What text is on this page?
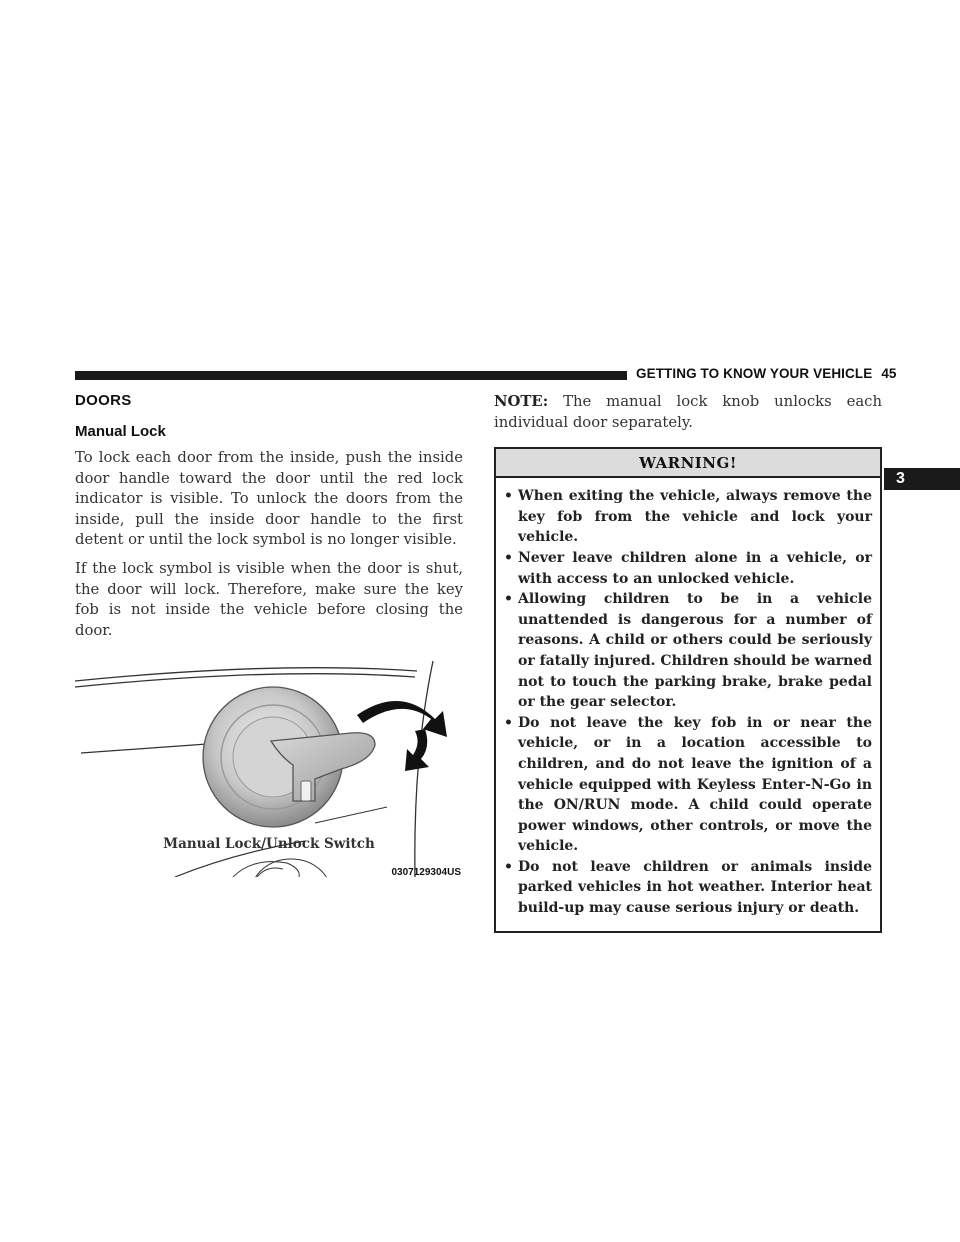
GETTING TO KNOW YOUR VEHICLE 45
3
DOORS
Manual Lock

To lock each door from the inside, push the inside door handle toward the door until the red lock indicator is visible. To unlock the doors from the inside, pull the inside door handle to the first detent or until the lock symbol is no longer visible.

If the lock symbol is visible when the door is shut, the door will lock. Therefore, make sure the key fob is not inside the vehicle before closing the door.

0307129304US
Manual Lock/Unlock Switch

NOTE: The manual lock knob unlocks each individual door separately.

WARNING!
• When exiting the vehicle, always remove the key fob from the vehicle and lock your vehicle.
• Never leave children alone in a vehicle, or with access to an unlocked vehicle.
• Allowing children to be in a vehicle unattended is dangerous for a number of reasons. A child or others could be seriously or fatally injured. Children should be warned not to touch the parking brake, brake pedal or the gear selector.
• Do not leave the key fob in or near the vehicle, or in a location accessible to children, and do not leave the ignition of a vehicle equipped with Keyless Enter-N-Go in the ON/RUN mode. A child could operate power windows, other controls, or move the vehicle.
• Do not leave children or animals inside parked vehicles in hot weather. Interior heat build-up may cause serious injury or death.
